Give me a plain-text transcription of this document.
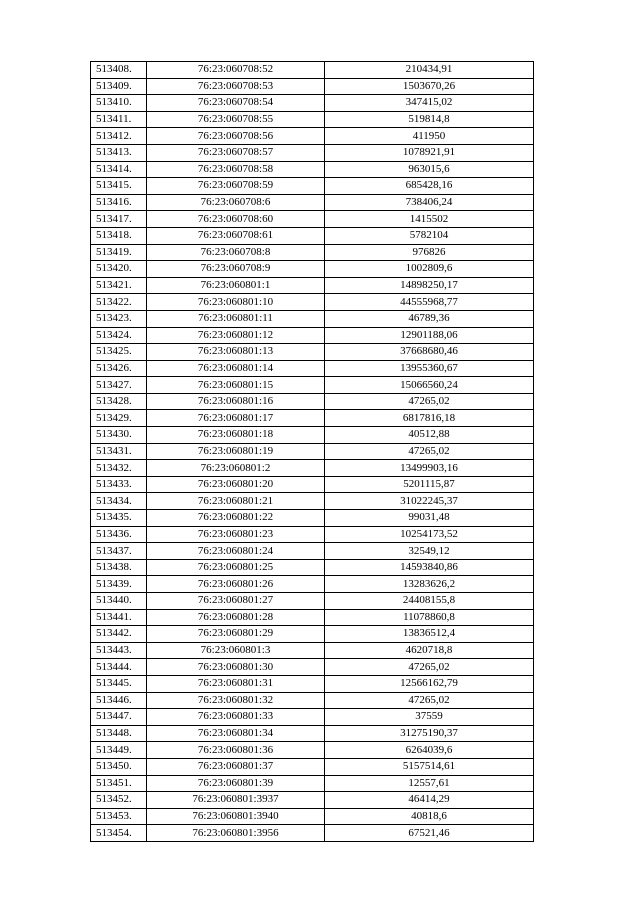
513408.	76:23:060708:52	210434,91
513409.	76:23:060708:53	1503670,26
513410.	76:23:060708:54	347415,02
513411.	76:23:060708:55	519814,8
513412.	76:23:060708:56	411950
513413.	76:23:060708:57	1078921,91
513414.	76:23:060708:58	963015,6
513415.	76:23:060708:59	685428,16
513416.	76:23:060708:6	738406,24
513417.	76:23:060708:60	1415502
513418.	76:23:060708:61	5782104
513419.	76:23:060708:8	976826
513420.	76:23:060708:9	1002809,6
513421.	76:23:060801:1	14898250,17
513422.	76:23:060801:10	44555968,77
513423.	76:23:060801:11	46789,36
513424.	76:23:060801:12	12901188,06
513425.	76:23:060801:13	37668680,46
513426.	76:23:060801:14	13955360,67
513427.	76:23:060801:15	15066560,24
513428.	76:23:060801:16	47265,02
513429.	76:23:060801:17	6817816,18
513430.	76:23:060801:18	40512,88
513431.	76:23:060801:19	47265,02
513432.	76:23:060801:2	13499903,16
513433.	76:23:060801:20	5201115,87
513434.	76:23:060801:21	31022245,37
513435.	76:23:060801:22	99031,48
513436.	76:23:060801:23	10254173,52
513437.	76:23:060801:24	32549,12
513438.	76:23:060801:25	14593840,86
513439.	76:23:060801:26	13283626,2
513440.	76:23:060801:27	24408155,8
513441.	76:23:060801:28	11078860,8
513442.	76:23:060801:29	13836512,4
513443.	76:23:060801:3	4620718,8
513444.	76:23:060801:30	47265,02
513445.	76:23:060801:31	12566162,79
513446.	76:23:060801:32	47265,02
513447.	76:23:060801:33	37559
513448.	76:23:060801:34	31275190,37
513449.	76:23:060801:36	6264039,6
513450.	76:23:060801:37	5157514,61
513451.	76:23:060801:39	12557,61
513452.	76:23:060801:3937	46414,29
513453.	76:23:060801:3940	40818,6
513454.	76:23:060801:3956	67521,46
